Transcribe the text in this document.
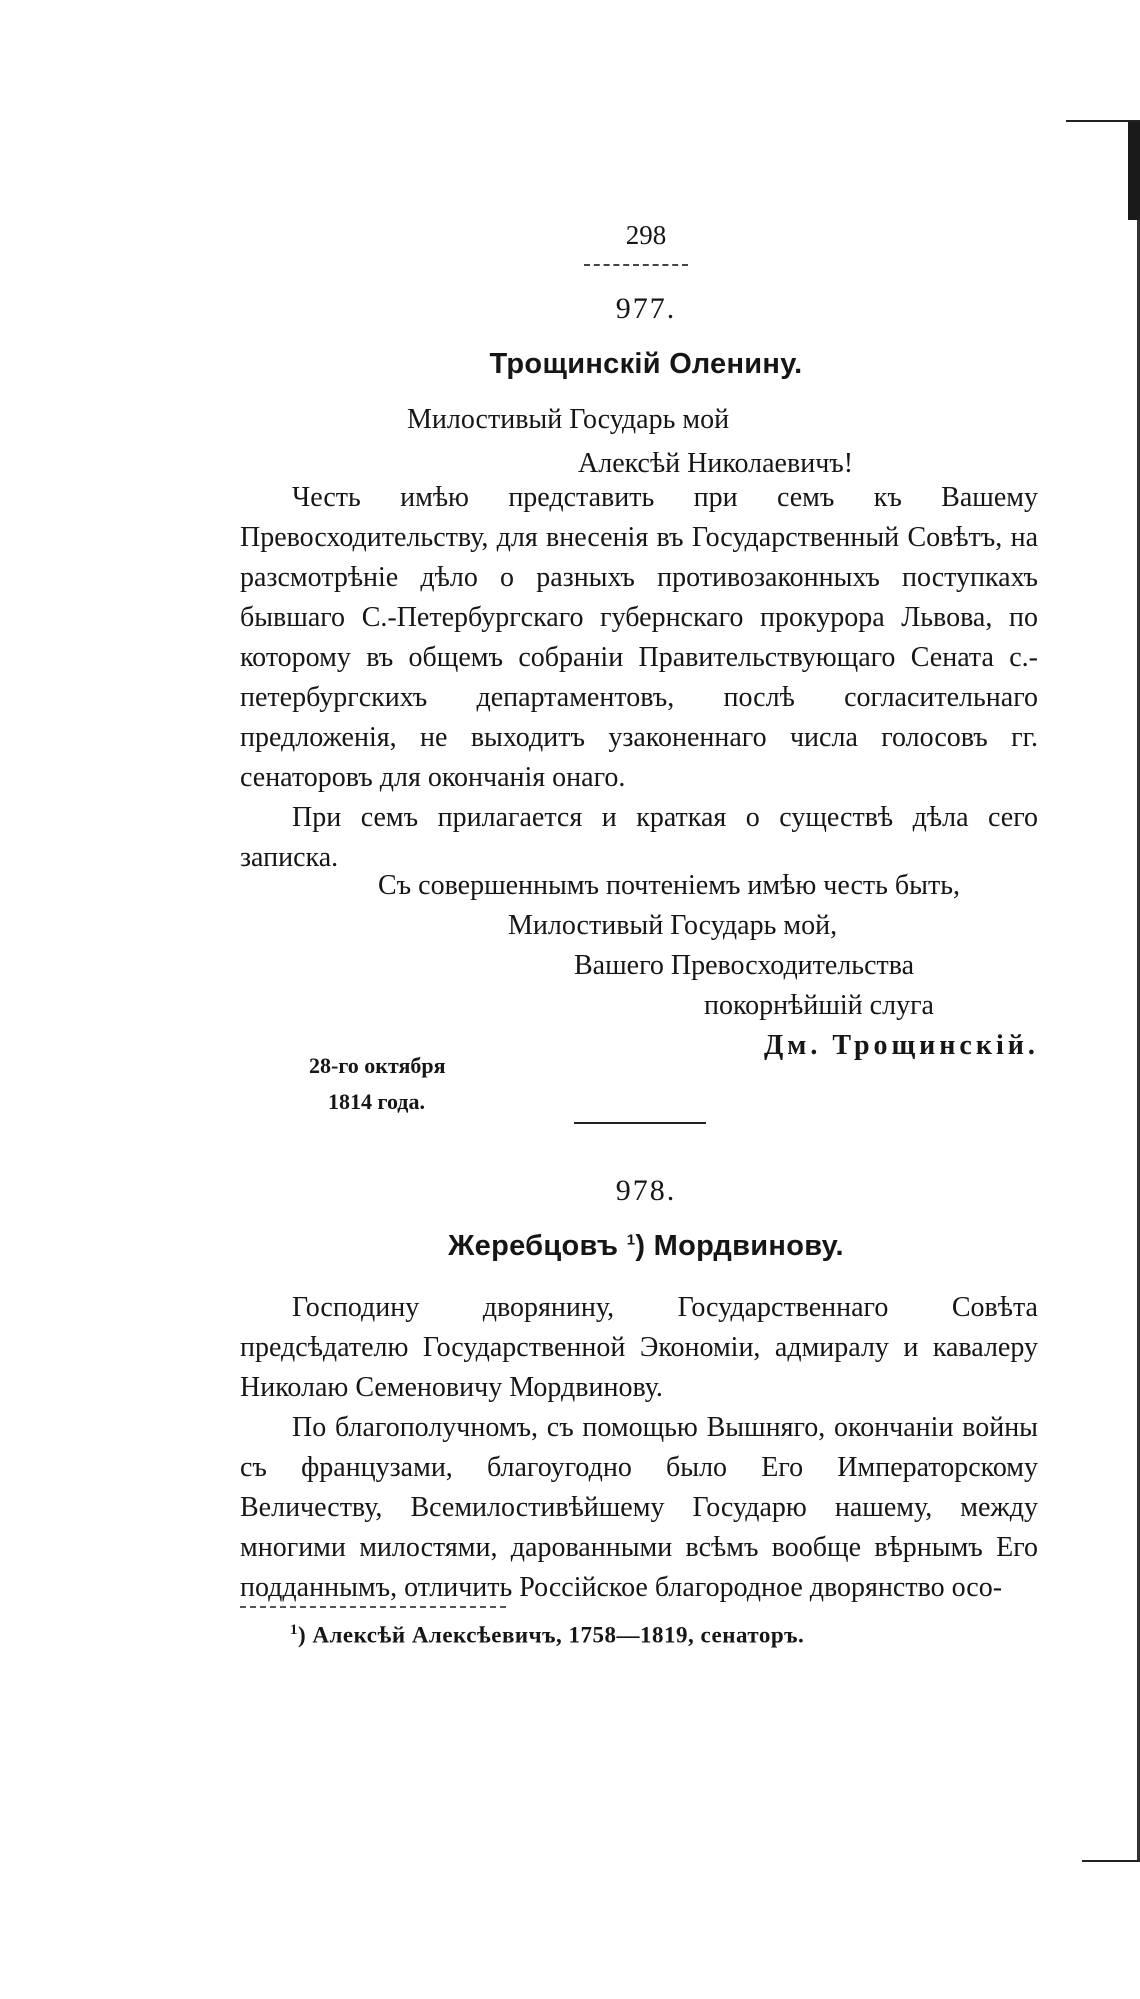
298
977.
Трощинскій Оленину.
Милостивый Государь мой
Алексѣй Николаевичъ!

Честь имѣю представить при семъ къ Вашему Превосходительству, для внесенія въ Государственный Совѣтъ, на разсмотрѣніе дѣло о разныхъ противозаконныхъ поступкахъ бывшаго С.-Петербургскаго губернскаго прокурора Львова, по которому въ общемъ собраніи Правительствующаго Сената с.-петербургскихъ департаментовъ, послѣ согласительнаго предложенія, не выходитъ узаконеннаго числа голосовъ гг. сенаторовъ для окончанія онаго.

При семъ прилагается и краткая о существѣ дѣла сего записка.

Съ совершеннымъ почтеніемъ имѣю честь быть,
Милостивый Государь мой,
Вашего Превосходительства
покорнѣйшій слуга
Дм. Трощинскій.
28-го октября
1814 года.
978.
Жеребцовъ $^1$) Мордвинову.

Господину дворянину, Государственнаго Совѣта предсѣдателю Государственной Экономіи, адмиралу и кавалеру Николаю Семеновичу Мордвинову.

По благополучномъ, съ помощью Вышняго, окончаніи войны съ французами, благоугодно было Его Императорскому Величеству, Всемилостивѣйшему Государю нашему, между многими милостями, дарованными всѣмъ вообще вѣрнымъ Его подданнымъ, отличить Россійское благородное дворянство осо-

$^1$) Алексѣй Алексѣевичъ, 1758—1819, сенаторъ.
